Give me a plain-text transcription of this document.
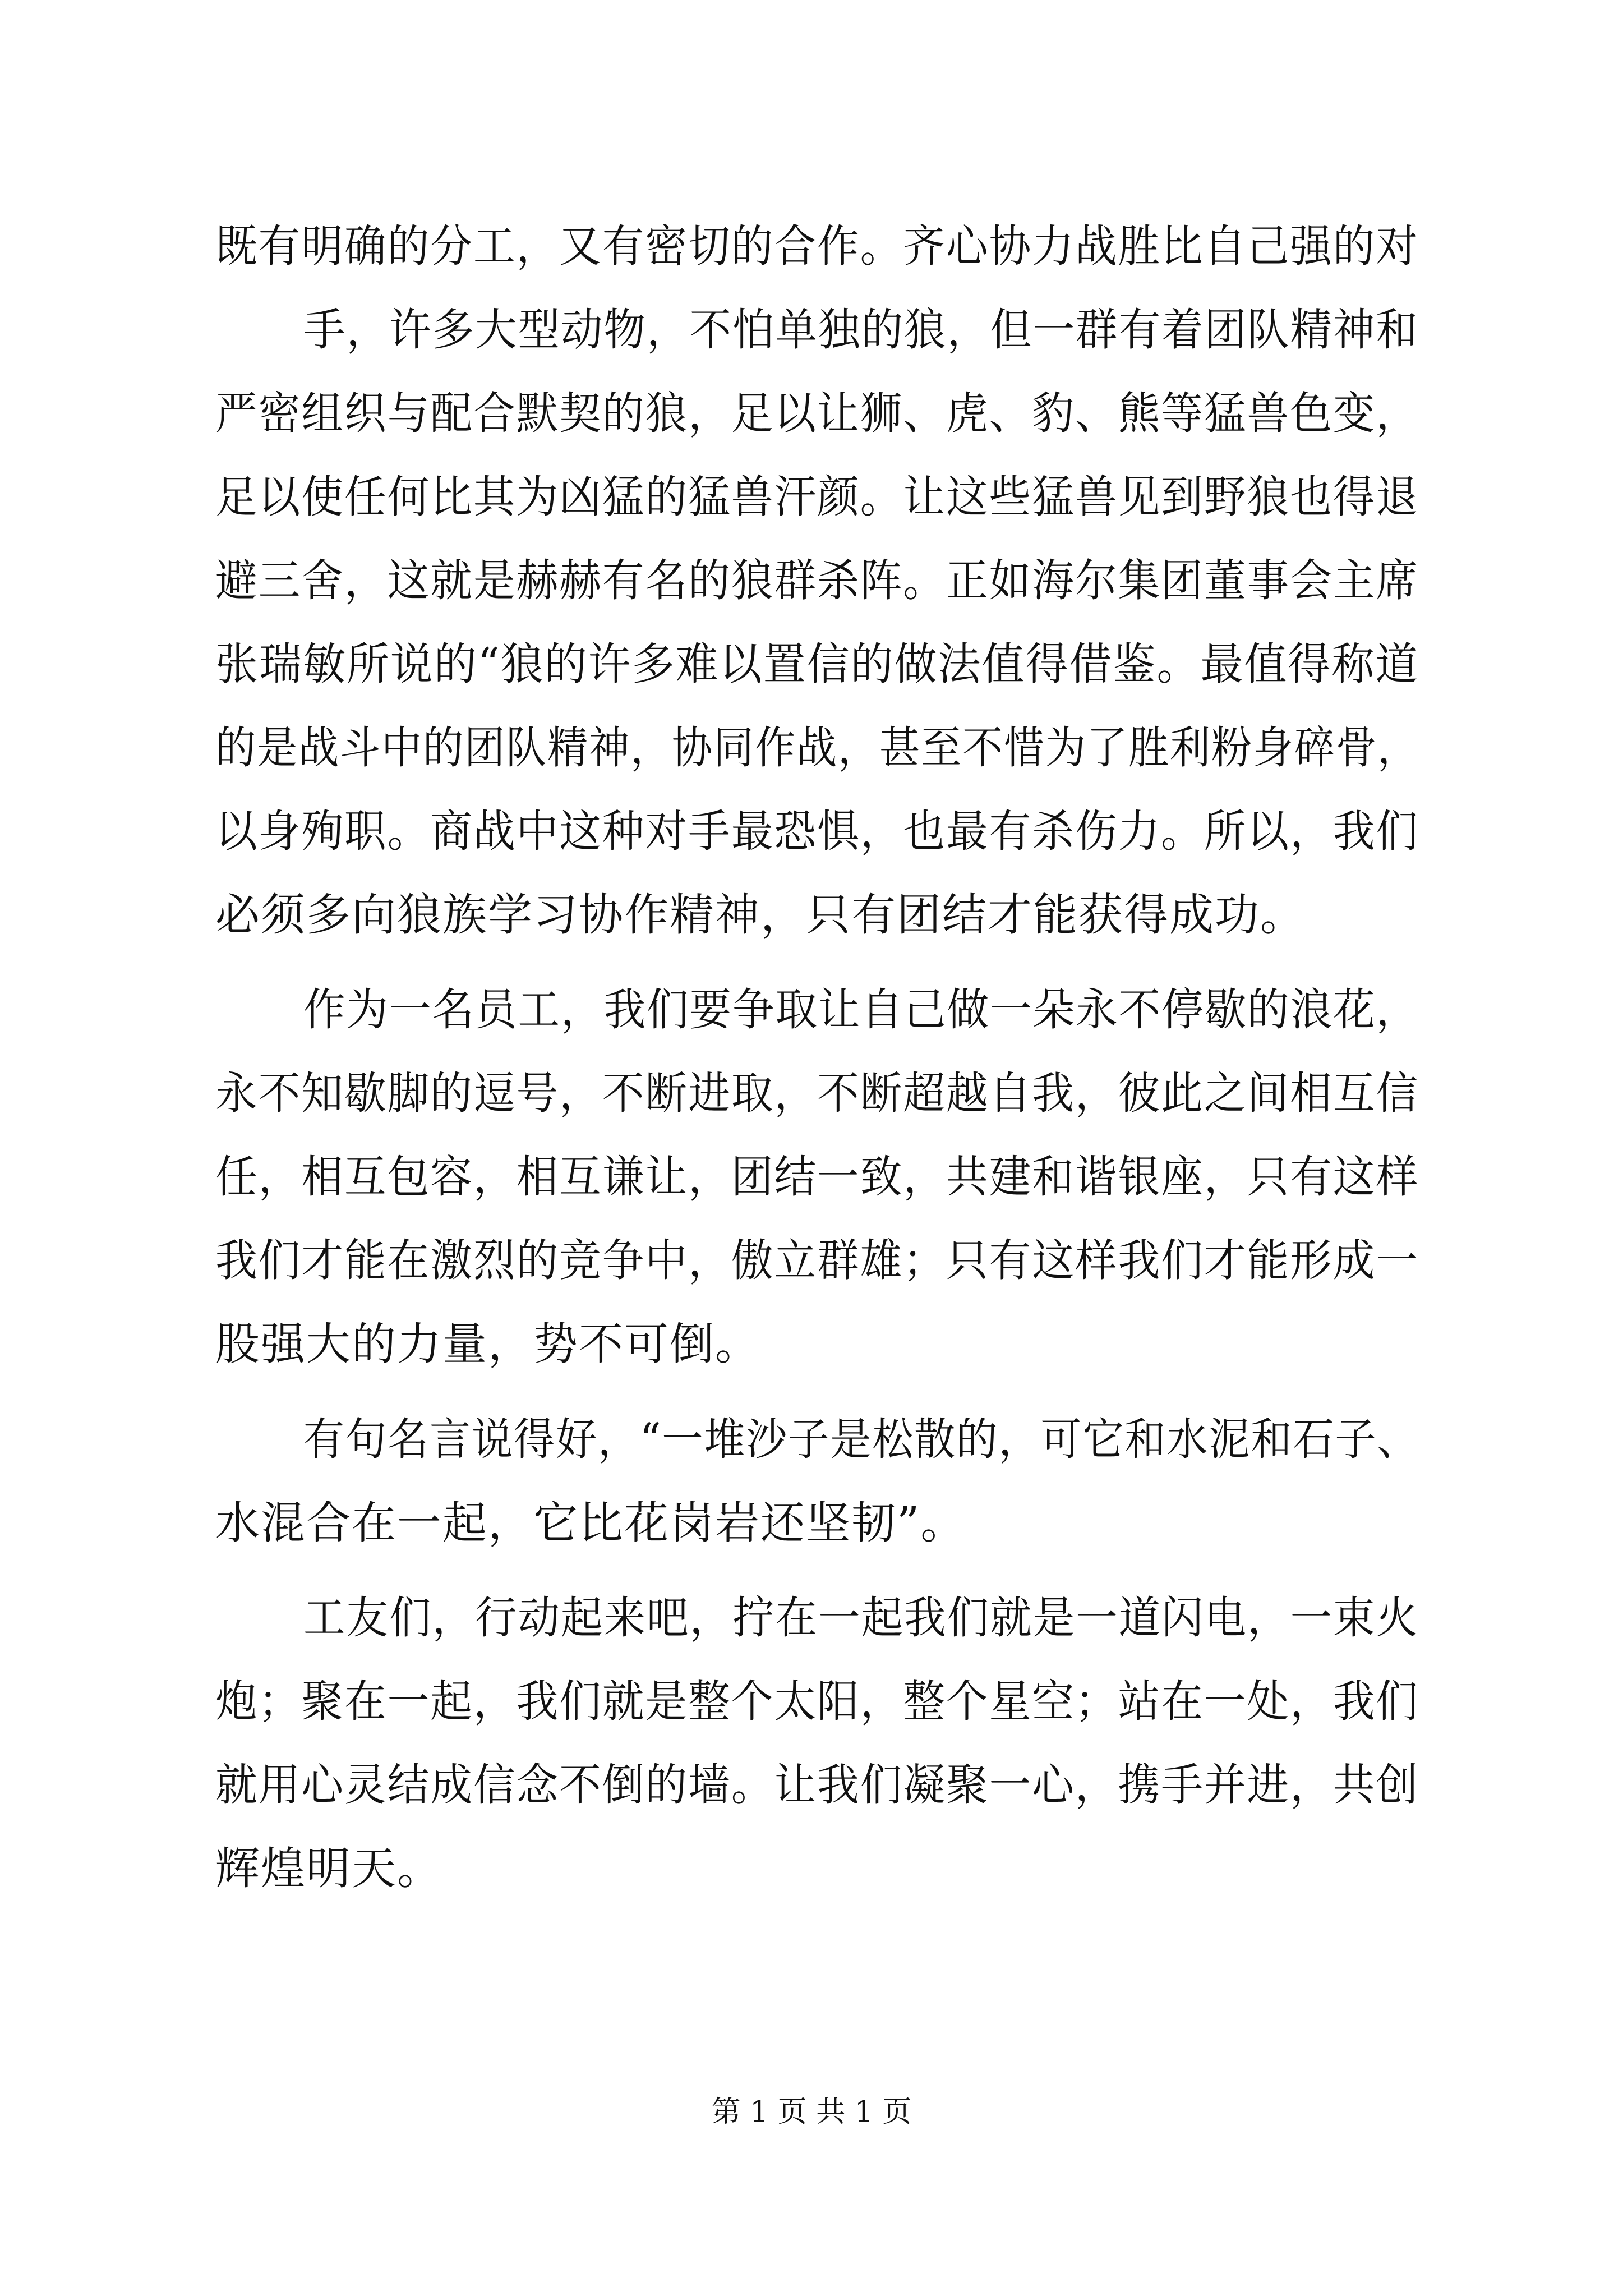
既有明确的分工，又有密切的合作。齐心协力战胜比自己强的对
手，许多大型动物，不怕单独的狼，但一群有着团队精神和
严密组织与配合默契的狼，足以让狮、虎、豹、熊等猛兽色变，
足以使任何比其为凶猛的猛兽汗颜。让这些猛兽见到野狼也得退
避三舍，这就是赫赫有名的狼群杀阵。正如海尔集团董事会主席
张瑞敏所说的“狼的许多难以置信的做法值得借鉴。最值得称道
的是战斗中的团队精神，协同作战，甚至不惜为了胜利粉身碎骨，
以身殉职。商战中这种对手最恐惧，也最有杀伤力。所以，我们
必须多向狼族学习协作精神，只有团结才能获得成功。
作为一名员工，我们要争取让自己做一朵永不停歇的浪花，
永不知歇脚的逗号，不断进取，不断超越自我，彼此之间相互信
任，相互包容，相互谦让，团结一致，共建和谐银座，只有这样
我们才能在激烈的竞争中，傲立群雄；只有这样我们才能形成一
股强大的力量，势不可倒。
有句名言说得好，“一堆沙子是松散的，可它和水泥和石子、
水混合在一起，它比花岗岩还坚韧”。
工友们，行动起来吧，拧在一起我们就是一道闪电，一束火
炮；聚在一起，我们就是整个太阳，整个星空；站在一处，我们
就用心灵结成信念不倒的墙。让我们凝聚一心，携手并进，共创
辉煌明天。
第 1 页 共 1 页
